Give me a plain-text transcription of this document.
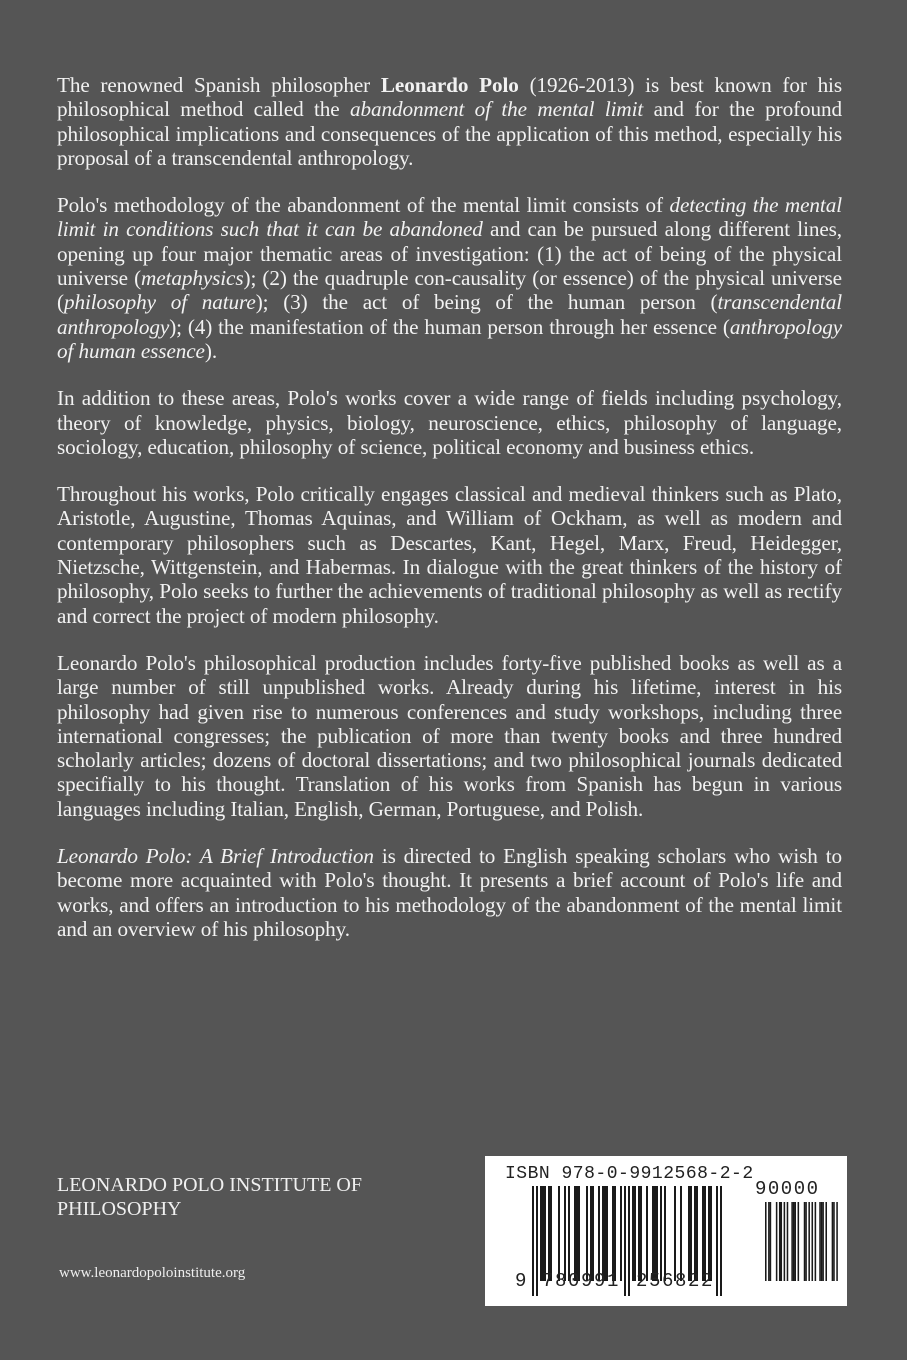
The renowned Spanish philosopher Leonardo Polo (1926-2013) is best known for his philosophical method called the abandonment of the mental limit and for the profound philosophical implications and consequences of the application of this method, especially his proposal of a transcendental anthropology.

Polo's methodology of the abandonment of the mental limit consists of detecting the mental limit in conditions such that it can be abandoned and can be pursued along different lines, opening up four major thematic areas of investigation: (1) the act of being of the physical universe (metaphysics); (2) the quadruple con-causality (or essence) of the physical universe (philosophy of nature); (3) the act of being of the human person (transcendental anthropology); (4) the manifestation of the human person through her essence (anthropology of human essence).

In addition to these areas, Polo's works cover a wide range of fields including psychology, theory of knowledge, physics, biology, neuroscience, ethics, philosophy of language, sociology, education, philosophy of science, political economy and business ethics.

Throughout his works, Polo critically engages classical and medieval thinkers such as Plato, Aristotle, Augustine, Thomas Aquinas, and William of Ockham, as well as modern and contemporary philosophers such as Descartes, Kant, Hegel, Marx, Freud, Heidegger, Nietzsche, Wittgenstein, and Habermas. In dialogue with the great thinkers of the history of philosophy, Polo seeks to further the achievements of traditional philosophy as well as rectify and correct the project of modern philosophy.

Leonardo Polo's philosophical production includes forty-five published books as well as a large number of still unpublished works. Already during his lifetime, interest in his philosophy had given rise to numerous conferences and study workshops, including three international congresses; the publication of more than twenty books and three hundred scholarly articles; dozens of doctoral dissertations; and two philosophical journals dedicated specifially to his thought. Translation of his works from Spanish has begun in various languages including Italian, English, German, Portuguese, and Polish.

Leonardo Polo: A Brief Introduction is directed to English speaking scholars who wish to become more acquainted with Polo's thought. It presents a brief account of Polo's life and works, and offers an introduction to his methodology of the abandonment of the mental limit and an overview of his philosophy.

LEONARDO POLO INSTITUTE OF PHILOSOPHY
www.leonardopoloinstitute.org
ISBN 978-0-9912568-2-2
90000
9 780991 256822
